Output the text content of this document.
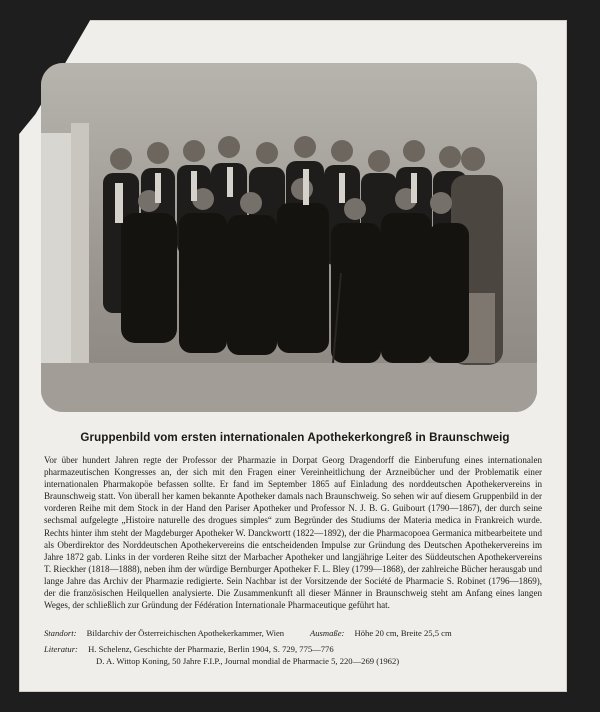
Gruppenbild vom ersten internationalen Apothekerkongreß in Braunschweig
Vor über hundert Jahren regte der Professor der Pharmazie in Dorpat Georg Dragendorff die Einberufung eines internationalen pharmazeutischen Kongresses an, der sich mit den Fragen einer Vereinheitlichung der Arzneibücher und der Problematik einer internationalen Pharmakopöe befassen sollte. Er fand im September 1865 auf Einladung des norddeutschen Apothekervereins in Braunschweig statt. Von überall her kamen bekannte Apotheker damals nach Braunschweig. So sehen wir auf diesem Gruppenbild in der vorderen Reihe mit dem Stock in der Hand den Pariser Apotheker und Professor N. J. B. G. Guibourt (1790—1867), der durch seine sechsmal aufgelegte „Histoire naturelle des drogues simples“ zum Begründer des Studiums der Materia medica in Frankreich wurde. Rechts hinter ihm steht der Magdeburger Apotheker W. Danckwortt (1822—1892), der die Pharmacopoea Germanica mitbearbeitete und als Oberdirektor des Norddeutschen Apothekervereins die entscheidenden Impulse zur Gründung des Deutschen Apothekervereins im Jahre 1872 gab. Links in der vorderen Reihe sitzt der Marbacher Apotheker und langjährige Leiter des Süddeutschen Apothekervereins T. Rieckher (1818—1888), neben ihm der würdige Bernburger Apotheker F. L. Bley (1799—1868), der zahlreiche Bücher herausgab und lange Jahre das Archiv der Pharmazie redigierte. Sein Nachbar ist der Vorsitzende der Société de Pharmacie S. Robinet (1796—1869), der die französischen Heilquellen analysierte. Die Zusammenkunft all dieser Männer in Braunschweig steht am Anfang eines langen Weges, der schließlich zur Gründung der Fédération Internationale Pharmaceutique geführt hat.
Standort: Bildarchiv der Österreichischen Apothekerkammer, Wien	Ausmaße: Höhe 20 cm, Breite 25,5 cm
Literatur: H. Schelenz, Geschichte der Pharmazie, Berlin 1904, S. 729, 775—776
D. A. Wittop Koning, 50 Jahre F.I.P., Journal mondial de Pharmacie 5, 220—269 (1962)
